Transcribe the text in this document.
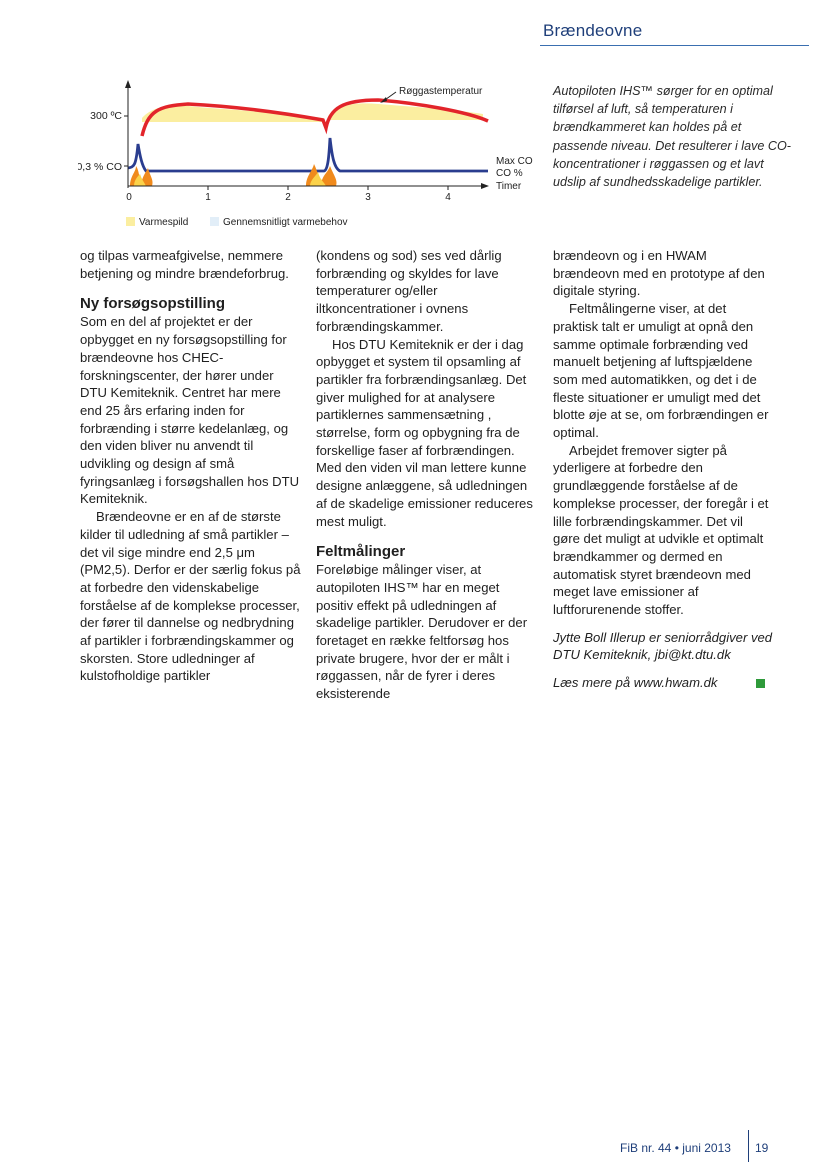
Brændeovne
300 ºC
0,3 % CO
0	1	2	3	4
Max CO
CO %
Timer
Røggastemperatur
Varmespild	Gennemsnitligt varmebehov
Autopiloten IHS™ sørger for en optimal tilførsel af luft, så temperaturen i brændkammeret kan holdes på et passende niveau. Det resulterer i lave CO-koncentrationer i røggassen og et lavt udslip af sundhedsskadelige partikler.

og tilpas varmeafgivelse, nemmere betjening og mindre brændeforbrug.

Ny forsøgsopstilling

Som en del af projektet er der opbygget en ny forsøgsopstilling for brændeovne hos CHEC-forskningscenter, der hører under DTU Kemiteknik. Centret har mere end 25 års erfaring inden for forbrænding i større kedelanlæg, og den viden bliver nu anvendt til udvikling og design af små fyringsanlæg i forsøgshallen hos DTU Kemiteknik.

Brændeovne er en af de største kilder til udledning af små partikler – det vil sige mindre end 2,5 μm (PM2,5). Derfor er der særlig fokus på at forbedre den videnskabelige forståelse af de komplekse processer, der fører til dannelse og nedbrydning af partikler i forbrændingskammer og skorsten. Store udledninger af kulstofholdige partikler

(kondens og sod) ses ved dårlig forbrænding og skyldes for lave temperaturer og/eller iltkoncentrationer i ovnens forbrændingskammer.

Hos DTU Kemiteknik er der i dag opbygget et system til opsamling af partikler fra forbrændingsanlæg. Det giver mulighed for at analysere partiklernes sammensætning , størrelse, form og opbygning fra de forskellige faser af forbrændingen. Med den viden vil man lettere kunne designe anlæggene, så udledningen af de skadelige emissioner reduceres mest muligt.

Feltmålinger

Foreløbige målinger viser, at autopiloten IHS™ har en meget positiv effekt på udledningen af skadelige partikler. Derudover er der foretaget en række feltforsøg hos private brugere, hvor der er målt i røggassen, når de fyrer i deres eksisterende

brændeovn og i en HWAM brændeovn med en prototype af den digitale styring.

Feltmålingerne viser, at det praktisk talt er umuligt at opnå den samme optimale forbrænding ved manuelt betjening af luftspjældene som med automatikken, og det i de fleste situationer er umuligt med det blotte øje at se, om forbrændingen er optimal.

Arbejdet fremover sigter på yderligere at forbedre den grundlæggende forståelse af de komplekse processer, der foregår i et lille forbrændingskammer. Det vil gøre det muligt at udvikle et optimalt brændkammer og dermed en automatisk styret brændeovn med meget lave emissioner af luftforurenende stoffer.

Jytte Boll Illerup er seniorrådgiver ved DTU Kemiteknik, jbi@kt.dtu.dk

Læs mere på www.hwam.dk

FiB nr. 44 • juni 2013 19
